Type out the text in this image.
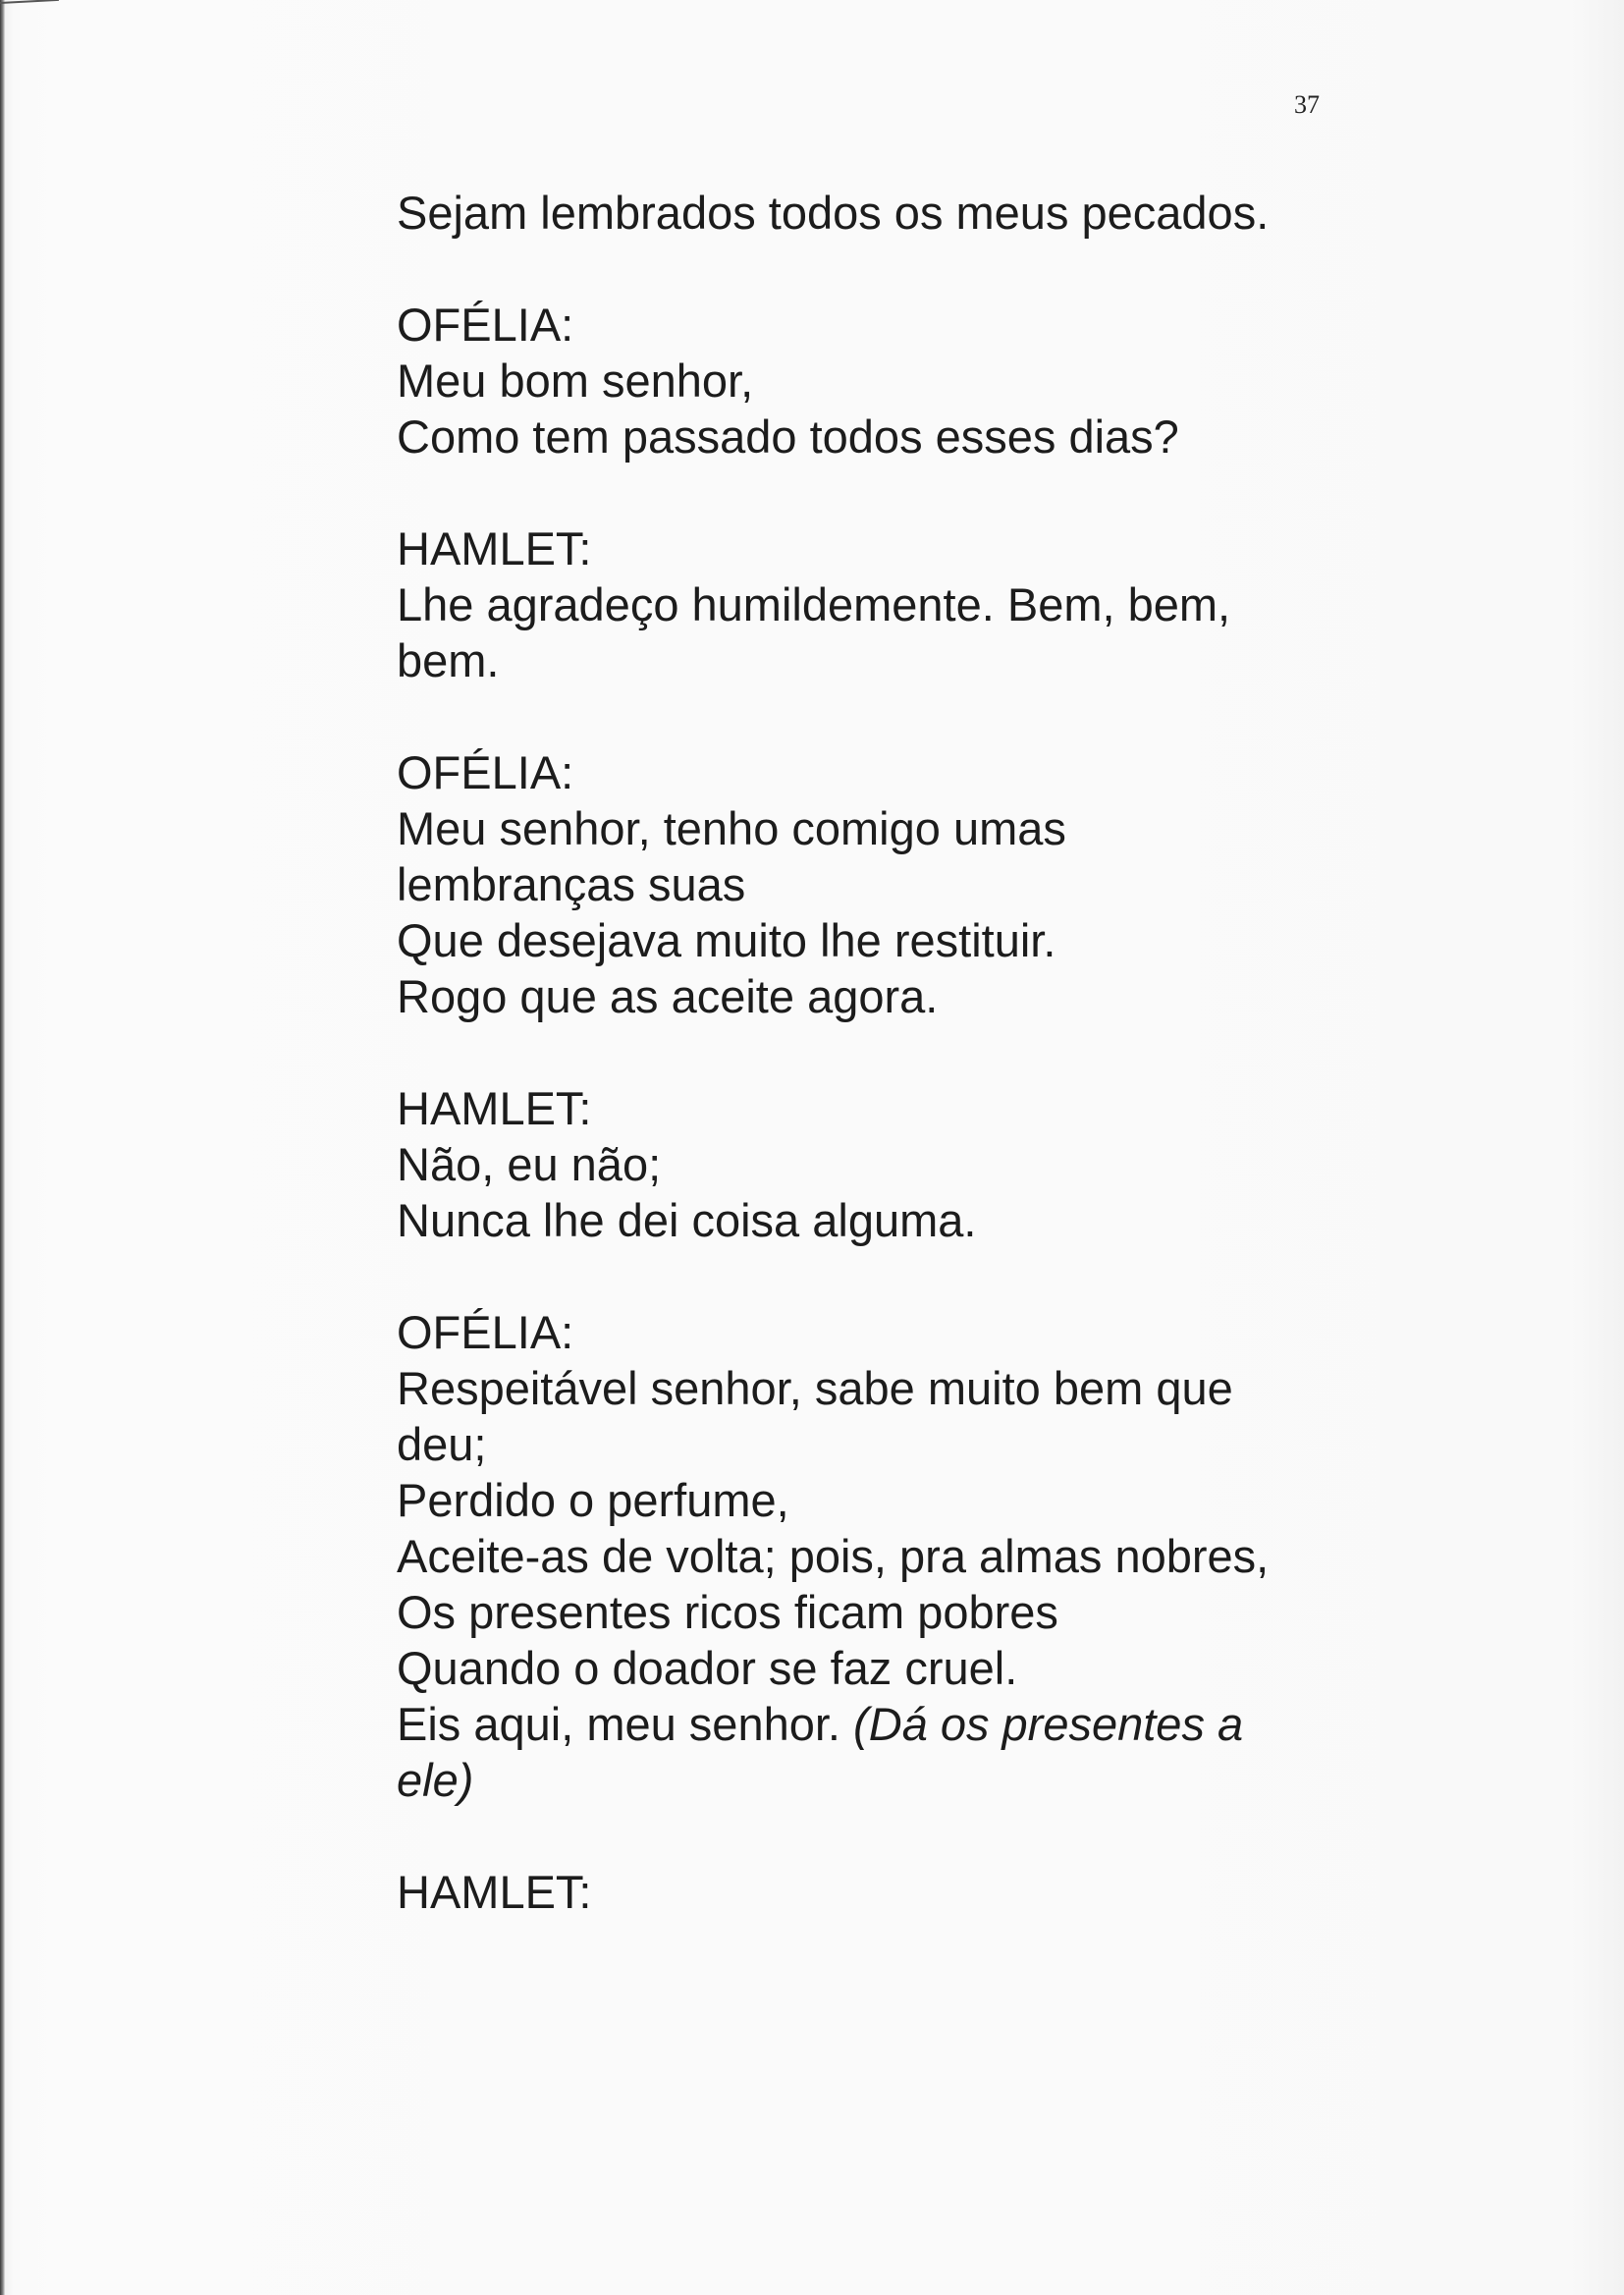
37
Sejam lembrados todos os meus pecados.
OFÉLIA:
Meu bom senhor,
Como tem passado todos esses dias?
HAMLET:
Lhe agradeço humildemente. Bem, bem,
bem.
OFÉLIA:
Meu senhor, tenho comigo umas
lembranças suas
Que desejava muito lhe restituir.
Rogo que as aceite agora.
HAMLET:
Não, eu não;
Nunca lhe dei coisa alguma.
OFÉLIA:
Respeitável senhor, sabe muito bem que
deu;
Perdido o perfume,
Aceite-as de volta; pois, pra almas nobres,
Os presentes ricos ficam pobres
Quando o doador se faz cruel.
Eis aqui, meu senhor. (Dá os presentes a
ele)
HAMLET:
